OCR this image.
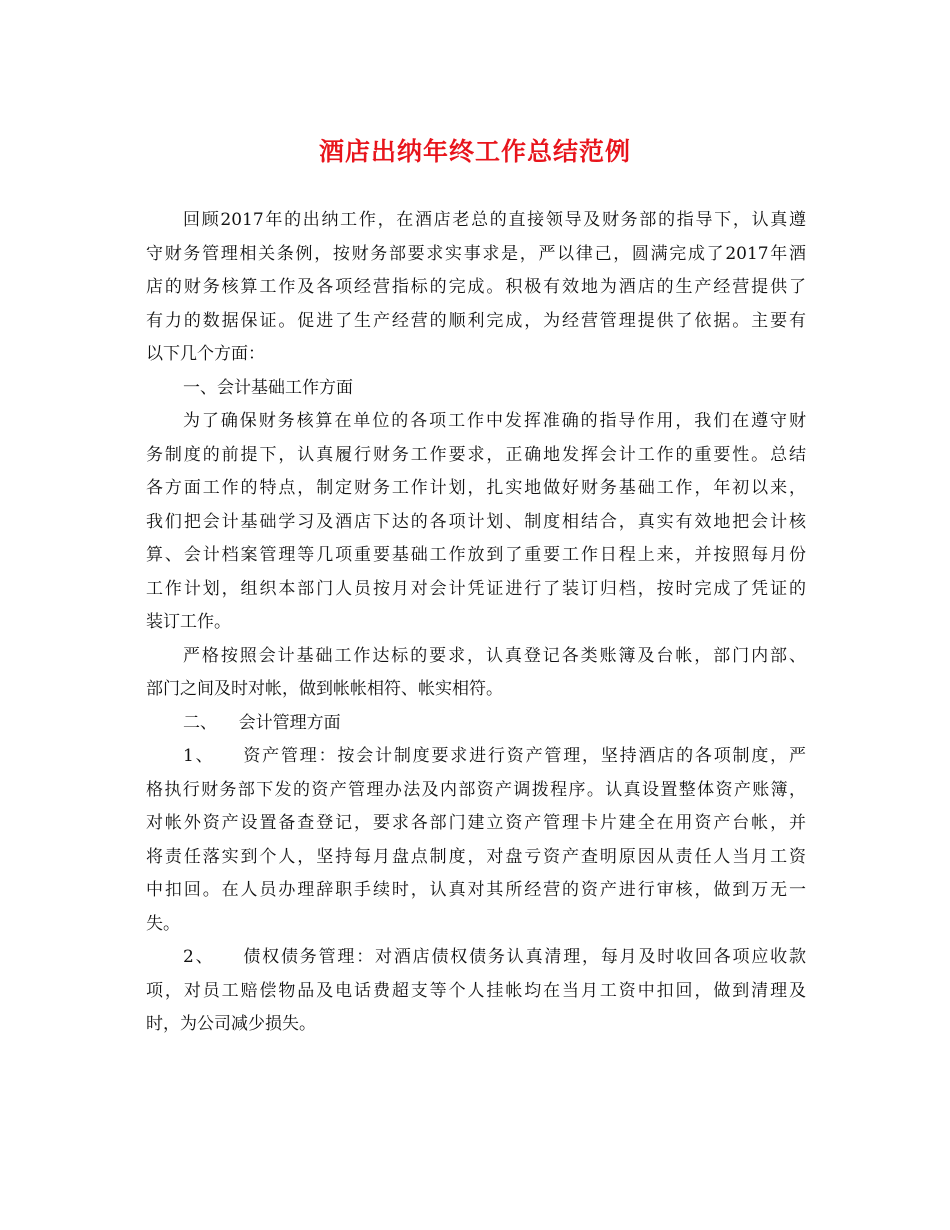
酒店出纳年终工作总结范例
回顾2017年的出纳工作，在酒店老总的直接领导及财务部的指导下，认真遵
守财务管理相关条例，按财务部要求实事求是，严以律己，圆满完成了2017年酒
店的财务核算工作及各项经营指标的完成。积极有效地为酒店的生产经营提供了
有力的数据保证。促进了生产经营的顺利完成，为经营管理提供了依据。主要有
以下几个方面：
一、会计基础工作方面
为了确保财务核算在单位的各项工作中发挥准确的指导作用，我们在遵守财
务制度的前提下，认真履行财务工作要求，正确地发挥会计工作的重要性。总结
各方面工作的特点，制定财务工作计划，扎实地做好财务基础工作，年初以来，
我们把会计基础学习及酒店下达的各项计划、制度相结合，真实有效地把会计核
算、会计档案管理等几项重要基础工作放到了重要工作日程上来，并按照每月份
工作计划，组织本部门人员按月对会计凭证进行了装订归档，按时完成了凭证的
装订工作。
严格按照会计基础工作达标的要求，认真登记各类账簿及台帐，部门内部、
部门之间及时对帐，做到帐帐相符、帐实相符。
二、    会计管理方面
1、    资产管理：按会计制度要求进行资产管理，坚持酒店的各项制度，严
格执行财务部下发的资产管理办法及内部资产调拨程序。认真设置整体资产账簿，
对帐外资产设置备查登记，要求各部门建立资产管理卡片建全在用资产台帐，并
将责任落实到个人，坚持每月盘点制度，对盘亏资产查明原因从责任人当月工资
中扣回。在人员办理辞职手续时，认真对其所经营的资产进行审核，做到万无一
失。
2、    债权债务管理：对酒店债权债务认真清理，每月及时收回各项应收款
项，对员工赔偿物品及电话费超支等个人挂帐均在当月工资中扣回，做到清理及
时，为公司减少损失。
